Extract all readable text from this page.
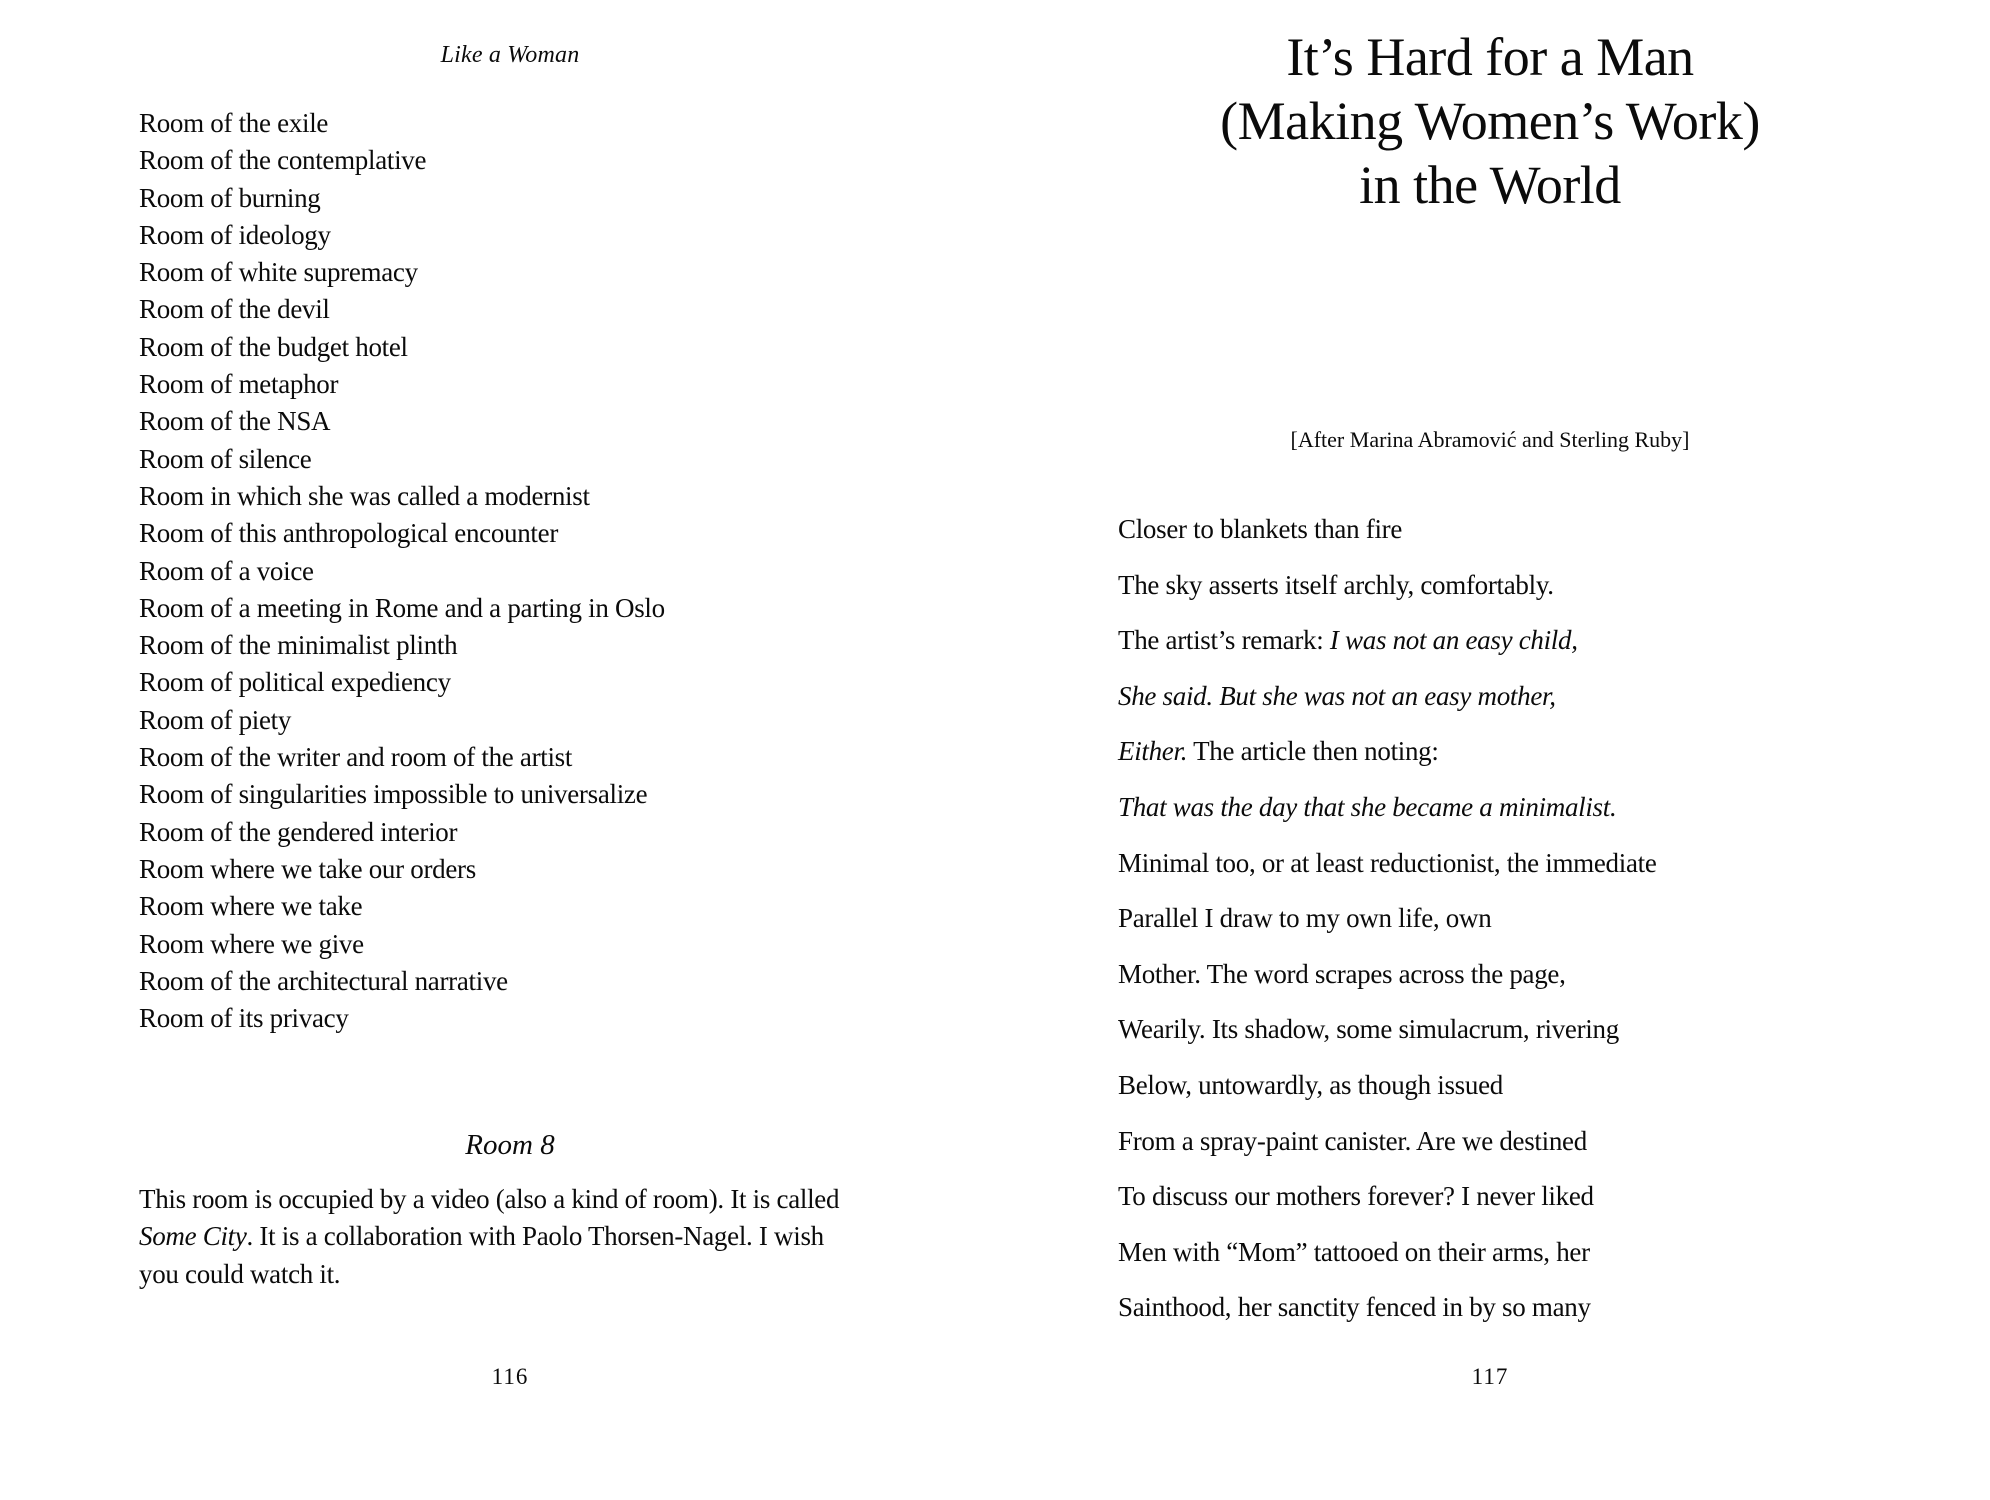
Like a Woman
Room of the exile
Room of the contemplative
Room of burning
Room of ideology
Room of white supremacy
Room of the devil
Room of the budget hotel
Room of metaphor
Room of the NSA
Room of silence
Room in which she was called a modernist
Room of this anthropological encounter
Room of a voice
Room of a meeting in Rome and a parting in Oslo
Room of the minimalist plinth
Room of political expediency
Room of piety
Room of the writer and room of the artist
Room of singularities impossible to universalize
Room of the gendered interior
Room where we take our orders
Room where we take
Room where we give
Room of the architectural narrative
Room of its privacy
Room 8
This room is occupied by a video (also a kind of room). It is called
Some City. It is a collaboration with Paolo Thorsen-Nagel. I wish
you could watch it.
116
It’s Hard for a Man
(Making Women’s Work)
in the World
[After Marina Abramović and Sterling Ruby]
Closer to blankets than fire
The sky asserts itself archly, comfortably.
The artist’s remark: I was not an easy child,
She said. But she was not an easy mother,
Either. The article then noting:
That was the day that she became a minimalist.
Minimal too, or at least reductionist, the immediate
Parallel I draw to my own life, own
Mother. The word scrapes across the page,
Wearily. Its shadow, some simulacrum, rivering
Below, untowardly, as though issued
From a spray-paint canister. Are we destined
To discuss our mothers forever? I never liked
Men with “Mom” tattooed on their arms, her
Sainthood, her sanctity fenced in by so many
117
